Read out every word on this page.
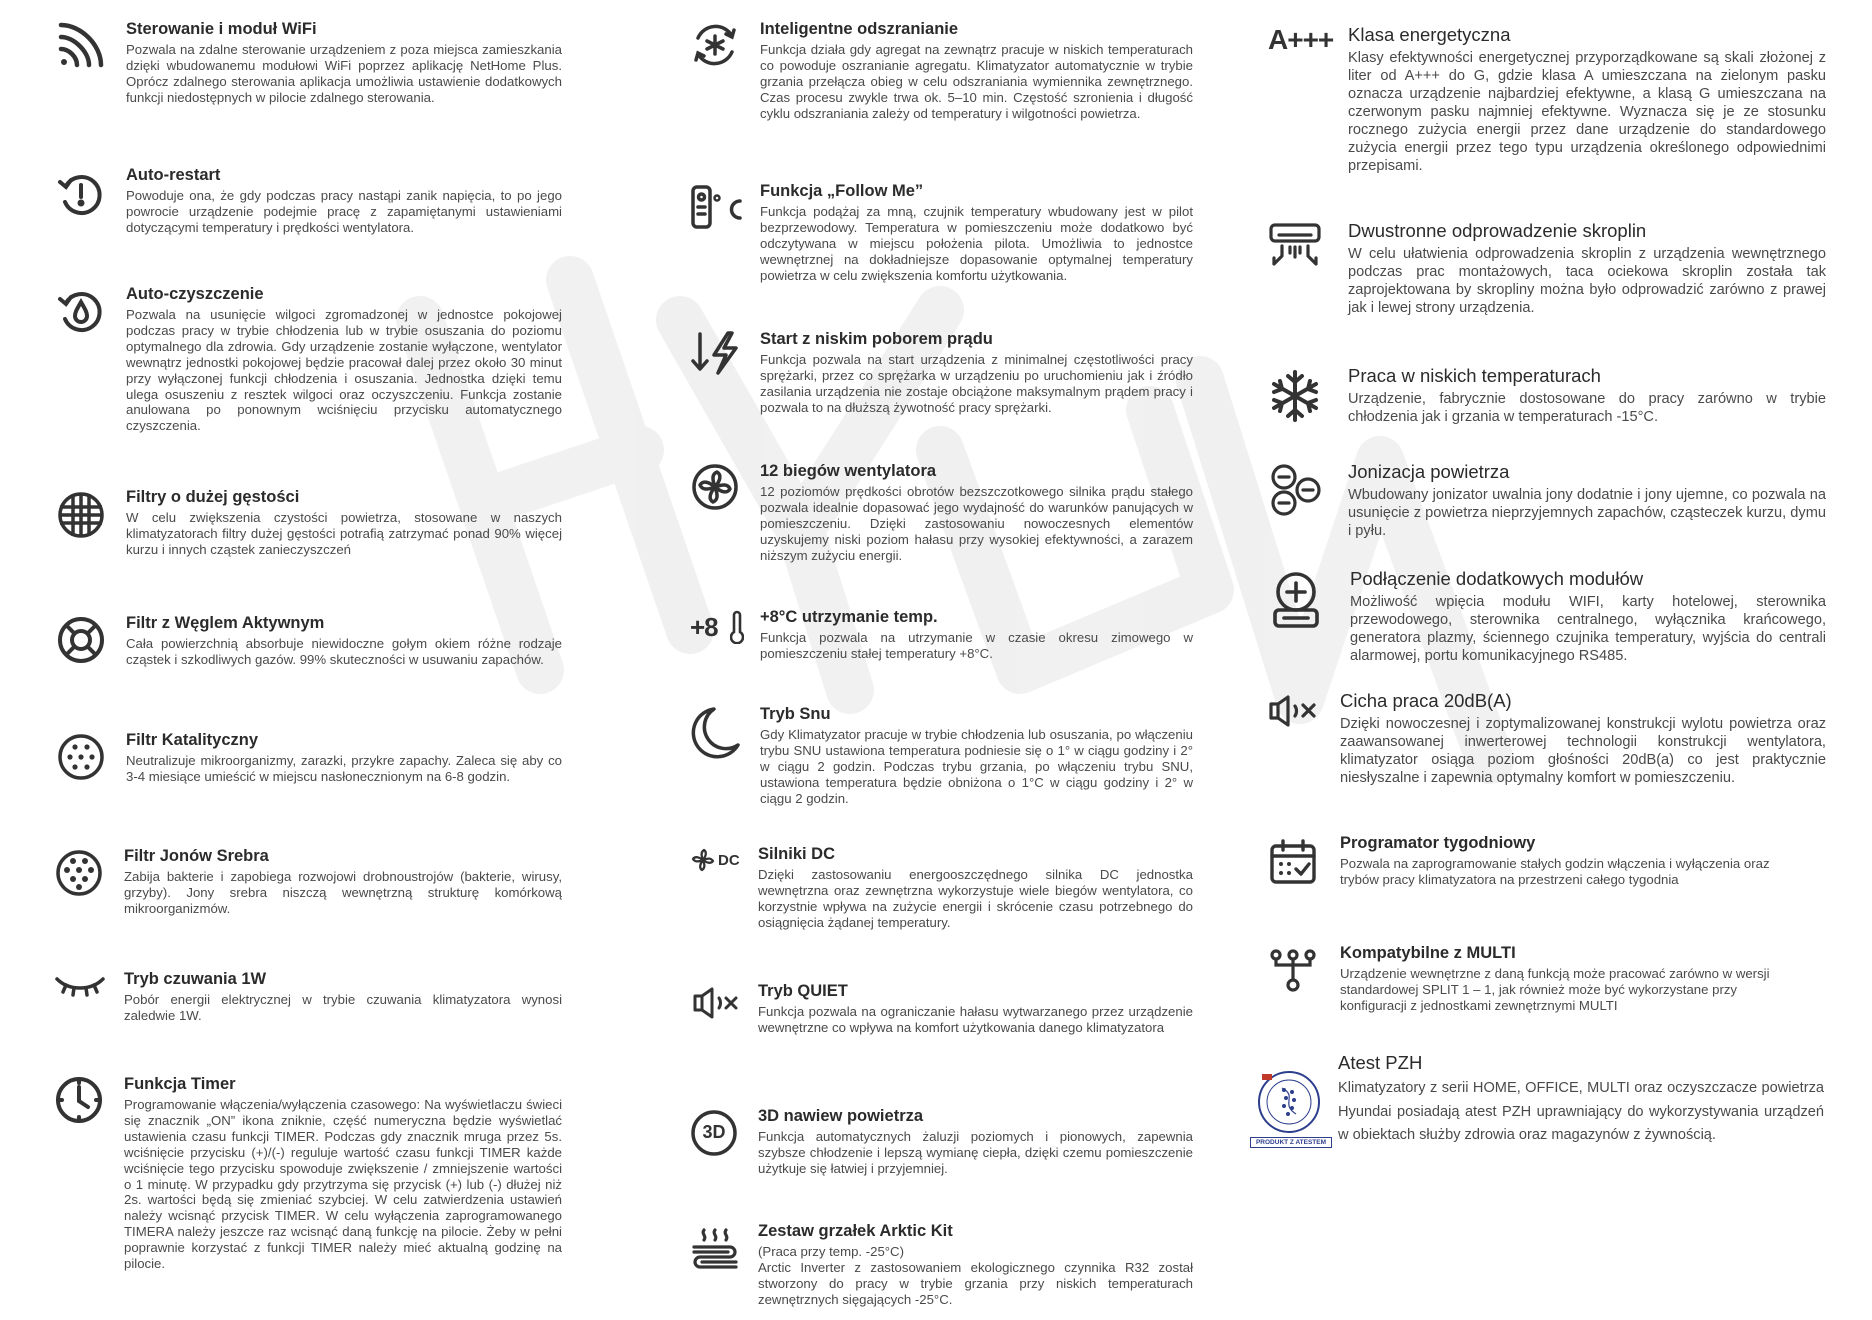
Sterowanie i moduł WiFi

Pozwala na zdalne sterowanie urządzeniem z poza miejsca zamieszkania dzięki wbudowanemu modułowi WiFi poprzez aplikację NetHome Plus. Oprócz zdalnego sterowania aplikacja umożliwia ustawienie dodatkowych funkcji niedostępnych w pilocie zdalnego sterowania.

Auto-restart

Powoduje ona, że gdy podczas pracy nastąpi zanik napięcia, to po jego powrocie urządzenie podejmie pracę z zapamiętanymi ustawieniami dotyczącymi temperatury i prędkości wentylatora.

Auto-czyszczenie

Pozwala na usunięcie wilgoci zgromadzonej w jednostce pokojowej podczas pracy w trybie chłodzenia lub w trybie osuszania do poziomu optymalnego dla zdrowia. Gdy urządzenie zostanie wyłączone, wentylator wewnątrz jednostki pokojowej będzie pracował dalej przez około 30 minut przy wyłączonej funkcji chłodzenia i osuszania. Jednostka dzięki temu ulega osuszeniu z resztek wilgoci oraz oczyszczeniu. Funkcja zostanie anulowana po ponownym wciśnięciu przycisku automatycznego czyszczenia.

Filtry o dużej gęstości

W celu zwiększenia czystości powietrza, stosowane w naszych klimatyzatorach filtry dużej gęstości potrafią zatrzymać ponad 90% więcej kurzu i innych cząstek zanieczyszczeń

Filtr z Węglem Aktywnym

Cała powierzchnią absorbuje niewidoczne gołym okiem różne rodzaje cząstek i szkodliwych gazów. 99% skuteczności w usuwaniu zapachów.

Filtr Katalityczny

Neutralizuje mikroorganizmy, zarazki, przykre zapachy. Zaleca się aby co 3-4 miesiące umieścić w miejscu nasłonecznionym na 6-8 godzin.

Filtr Jonów Srebra

Zabija bakterie i zapobiega rozwojowi drobnoustrojów (bakterie, wirusy, grzyby). Jony srebra niszczą wewnętrzną strukturę komórkową mikroorganizmów.

Tryb czuwania 1W

Pobór energii elektrycznej w trybie czuwania klimatyzatora wynosi zaledwie 1W.

Funkcja Timer

Programowanie włączenia/wyłączenia czasowego: Na wyświetlaczu świeci się znacznik „ON” ikona zniknie, część numeryczna będzie wyświetlać ustawienia czasu funkcji TIMER. Podczas gdy znacznik mruga przez 5s. wciśnięcie przycisku (+)/(-) reguluje wartość czasu funkcji TIMER każde wciśnięcie tego przycisku spowoduje zwiększenie / zmniejszenie wartości o 1 minutę. W przypadku gdy przytrzyma się przycisk (+) lub (-) dłużej niż 2s. wartości będą się zmieniać szybciej. W celu zatwierdzenia ustawień należy wcisnąć przycisk TIMER. W celu wyłączenia zaprogramowanego TIMERA należy jeszcze raz wcisnąć daną funkcję na pilocie. Żeby w pełni poprawnie korzystać z funkcji TIMER należy mieć aktualną godzinę na pilocie.

Inteligentne odszranianie

Funkcja działa gdy agregat na zewnątrz pracuje w niskich temperaturach co powoduje oszranianie agregatu. Klimatyzator automatycznie w trybie grzania przełącza obieg w celu odszraniania wymiennika zewnętrznego. Czas procesu zwykle trwa ok. 5–10 min. Częstość szronienia i długość cyklu odszraniania zależy od temperatury i wilgotności powietrza.

Funkcja „Follow Me”

Funkcja podążaj za mną, czujnik temperatury wbudowany jest w pilot bezprzewodowy. Temperatura w pomieszczeniu może dodatkowo być odczytywana w miejscu położenia pilota. Umożliwia to jednostce wewnętrznej na dokładniejsze dopasowanie optymalnej temperatury powietrza w celu zwiększenia komfortu użytkowania.

Start z niskim poborem prądu

Funkcja pozwala na start urządzenia z minimalnej częstotliwości pracy sprężarki, przez co sprężarka w urządzeniu po uruchomieniu jak i źródło zasilania urządzenia nie zostaje obciążone maksymalnym prądem pracy i pozwala to na dłuższą żywotność pracy sprężarki.

12 biegów wentylatora

12 poziomów prędkości obrotów bezszczotkowego silnika prądu stałego pozwala idealnie dopasować jego wydajność do warunków panujących w pomieszczeniu. Dzięki zastosowaniu nowoczesnych elementów uzyskujemy niski poziom hałasu przy wysokiej efektywności, a zarazem niższym zużyciu energii.

+8	+8°C utrzymanie temp.

Funkcja pozwala na utrzymanie w czasie okresu zimowego w pomieszczeniu stałej temperatury +8°C.

Tryb Snu

Gdy Klimatyzator pracuje w trybie chłodzenia lub osuszania, po włączeniu trybu SNU ustawiona temperatura podniesie się o 1° w ciągu godziny i 2° w ciągu 2 godzin. Podczas trybu grzania, po włączeniu trybu SNU, ustawiona temperatura będzie obniżona o 1°C w ciągu godziny i 2° w ciągu 2 godzin.

DC Silniki DC

Dzięki zastosowaniu energooszczędnego silnika DC jednostka wewnętrzna oraz zewnętrzna wykorzystuje wiele biegów wentylatora, co korzystnie wpływa na zużycie energii i skrócenie czasu potrzebnego do osiągnięcia żądanej temperatury.

Tryb QUIET

Funkcja pozwala na ograniczanie hałasu wytwarzanego przez urządzenie wewnętrzne co wpływa na komfort użytkowania danego klimatyzatora

3D
3D nawiew powietrza

Funkcja automatycznych żaluzji poziomych i pionowych, zapewnia szybsze chłodzenie i lepszą wymianę ciepła, dzięki czemu pomieszczenie użytkuje się łatwiej i przyjemniej.

Zestaw grzałek Arktic Kit

(Praca przy temp. -25°C)

Arctic Inverter z zastosowaniem ekologicznego czynnika R32 został stworzony do pracy w trybie grzania przy niskich temperaturach zewnętrznych sięgających -25°C.

A+++ Klasa energetyczna

Klasy efektywności energetycznej przyporządkowane są skali złożonej z liter od A+++ do G, gdzie klasa A umieszczana na zielonym pasku oznacza urządzenie najbardziej efektywne, a klasą G umieszczana na czerwonym pasku najmniej efektywne. Wyznacza się je ze stosunku rocznego zużycia energii przez dane urządzenie do standardowego zużycia energii przez tego typu urządzenia określonego odpowiednimi przepisami.

Dwustronne odprowadzenie skroplin

W celu ułatwienia odprowadzenia skroplin z urządzenia wewnętrznego podczas prac montażowych, taca ociekowa skroplin została tak zaprojektowana by skropliny można było odprowadzić zarówno z prawej jak i lewej strony urządzenia.

Praca w niskich temperaturach

Urządzenie, fabrycznie dostosowane do pracy zarówno w trybie chłodzenia jak i grzania w temperaturach -15°C.

Jonizacja powietrza

Wbudowany jonizator uwalnia jony dodatnie i jony ujemne, co pozwala na usunięcie z powietrza nieprzyjemnych zapachów, cząsteczek kurzu, dymu i pyłu.

Podłączenie dodatkowych modułów

Możliwość wpięcia modułu WIFI, karty hotelowej, sterownika przewodowego, sterownika centralnego, wyłącznika krańcowego, generatora plazmy, ściennego czujnika temperatury, wyjścia do centrali alarmowej, portu komunikacyjnego RS485.

Cicha praca 20dB(A)

Dzięki nowoczesnej i zoptymalizowanej konstrukcji wylotu powietrza oraz zaawansowanej inwerterowej technologii konstrukcji wentylatora, klimatyzator osiąga poziom głośności 20dB(a) co jest praktycznie niesłyszalne i zapewnia optymalny komfort w pomieszczeniu.

Programator tygodniowy

Pozwala na zaprogramowanie stałych godzin włączenia i wyłączenia oraz trybów pracy klimatyzatora na przestrzeni całego tygodnia

Kompatybilne z MULTI

Urządzenie wewnętrzne z daną funkcją może pracować zarówno w wersji standardowej SPLIT 1 – 1, jak również może być wykorzystane przy konfiguracji z jednostkami zewnętrznymi MULTI

PRODUKT Z ATESTEM
Atest PZH

Klimatyzatory z serii HOME, OFFICE, MULTI oraz oczyszczacze powietrza Hyundai posiadają atest PZH uprawniający do wykorzystywania urządzeń w obiektach służby zdrowia oraz magazynów z żywnością.
